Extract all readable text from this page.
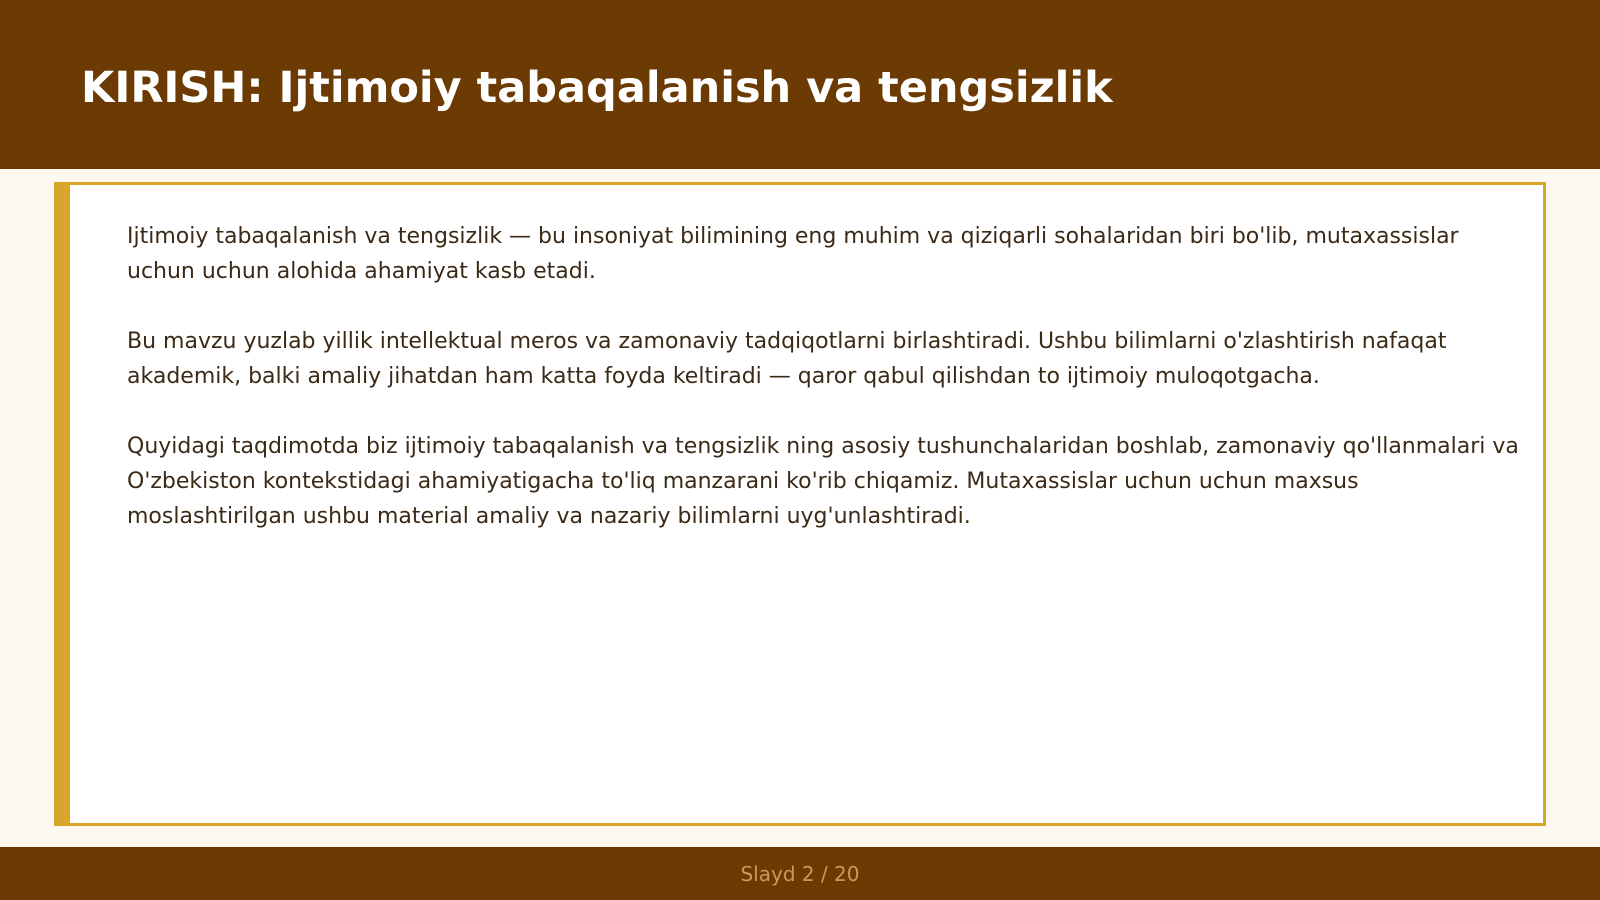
KIRISH: Ijtimoiy tabaqalanish va tengsizlik

Ijtimoiy tabaqalanish va tengsizlik — bu insoniyat bilimining eng muhim va qiziqarli sohalaridan biri bo'lib, mutaxassislar uchun uchun alohida ahamiyat kasb etadi.

Bu mavzu yuzlab yillik intellektual meros va zamonaviy tadqiqotlarni birlashtiradi. Ushbu bilimlarni o'zlashtirish nafaqat akademik, balki amaliy jihatdan ham katta foyda keltiradi — qaror qabul qilishdan to ijtimoiy muloqotgacha.

Quyidagi taqdimotda biz ijtimoiy tabaqalanish va tengsizlik ning asosiy tushunchalaridan boshlab, zamonaviy qo'llanmalari va O'zbekiston kontekstidagi ahamiyatigacha to'liq manzarani ko'rib chiqamiz. Mutaxassislar uchun uchun maxsus moslashtirilgan ushbu material amaliy va nazariy bilimlarni uyg'unlashtiradi.

Slayd 2 / 20
